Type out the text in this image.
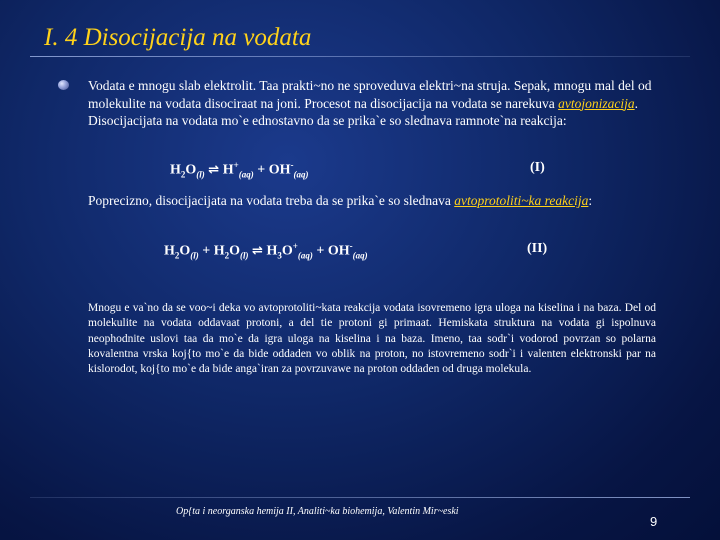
I. 4 Disocijacija na vodata
Vodata e mnogu slab elektrolit. Taa prakti~no ne sproveduva elektri~na struja. Sepak, mnogu mal del od molekulite na vodata disociraat na joni. Procesot na disocijacija na vodata se narekuva avtojonizacija. Disocijacijata na vodata mo`e ednostavno da se prika`e so slednava ramnote`na reakcija:
$H_2O_{(l)}$ ⇌ $H^+_{(aq)} + OH^-_{(aq)}$	(I)
Poprecizno, disocijacijata na vodata treba da se prika`e so slednava avtoprotoliti~ka reakcija:
$H_2O_{(l)} + H_2O_{(l)}$ ⇌ $H_3O^+_{(aq)} + OH^-_{(aq)}$	(II)
Mnogu e va`no da se voo~i deka vo avtoprotoliti~kata reakcija vodata isovremeno igra uloga na kiselina i na baza. Del od molekulite na vodata oddavaat protoni, a del tie protoni gi primaat. Hemiskata struktura na vodata gi ispolnuva neophodnite uslovi taa da mo`e da igra uloga na kiselina i na baza. Imeno, taa sodr`i vodorod povrzan so polarna kovalentna vrska koj{to mo`e da bide oddaden vo oblik na proton, no istovremeno sodr`i i valenten elektronski par na kislorodot, koj{to mo`e da bide anga`iran za povrzuvawe na proton oddaden od druga molekula.
Op{ta i neorganska hemija II, Analiti~ka biohemija, Valentin Mir~eski
9
